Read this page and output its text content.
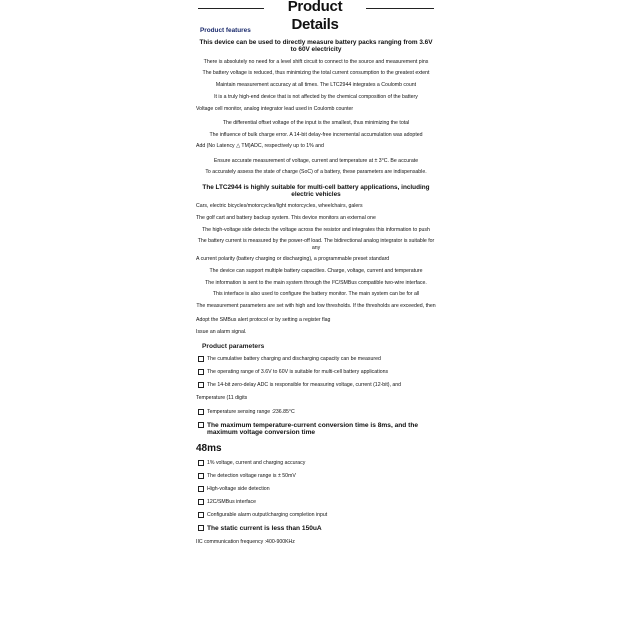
Product Details
Product features
This device can be used to directly measure battery packs ranging from 3.6V to 60V electricity
There is absolutely no need for a level shift circuit to connect to the source and measurement pins
The battery voltage is reduced, thus minimizing the total current consumption to the greatest extent
Maintain measurement accuracy at all times. The LTC2944 integrates a Coulomb count
It is a truly high-end device that is not affected by the chemical composition of the battery
Voltage cell monitor, analog integrator lead used in Coulomb counter
The differential offset voltage of the input is the smallest, thus minimizing the total
The influence of bulk charge error. A 14-bit delay-free incremental accumulation was adopted
Add (No Latency △ TM)ADC, respectively up to 1% and
Ensure accurate measurement of voltage, current and temperature at ± 3°C. Be accurate
To accurately assess the state of charge (SoC) of a battery, these parameters are indispensable.
The LTC2944 is highly suitable for multi-cell battery applications, including electric vehicles
Cars, electric bicycles/motorcycles/light motorcycles, wheelchairs, galers
The golf cart and battery backup system. This device monitors an external one
The high-voltage side detects the voltage across the resistor and integrates this information to push
The battery current is measured by the power-off load. The bidirectional analog integrator is suitable for any
A current polarity (battery charging or discharging), a programmable preset standard
The device can support multiple battery capacities. Charge, voltage, current and temperature
The information is sent to the main system through the I²C/SMBus compatible two-wire interface.
This interface is also used to configure the battery monitor. The main system can be for all
The measurement parameters are set with high and low thresholds. If the thresholds are exceeded, then
Adopt the SMBus alert protocol or by setting a register flag
Issue an alarm signal.
Product parameters
The cumulative battery charging and discharging capacity can be measured
The operating range of 3.6V to 60V is suitable for multi-cell battery applications
The 14-bit zero-delay ADC is responsible for measuring voltage, current (12-bit), and
Temperature (11 digits
Temperature sensing range :236.85°C
The maximum temperature-current conversion time is 8ms, and the maximum voltage conversion time
48ms
1% voltage, current and charging accuracy
The detection voltage range is ± 50mV
High-voltage side detection
12C/SMBus interface
Configurable alarm output/charging completion input
The static current is less than 150uA
IIC communication frequency :400-900KHz
